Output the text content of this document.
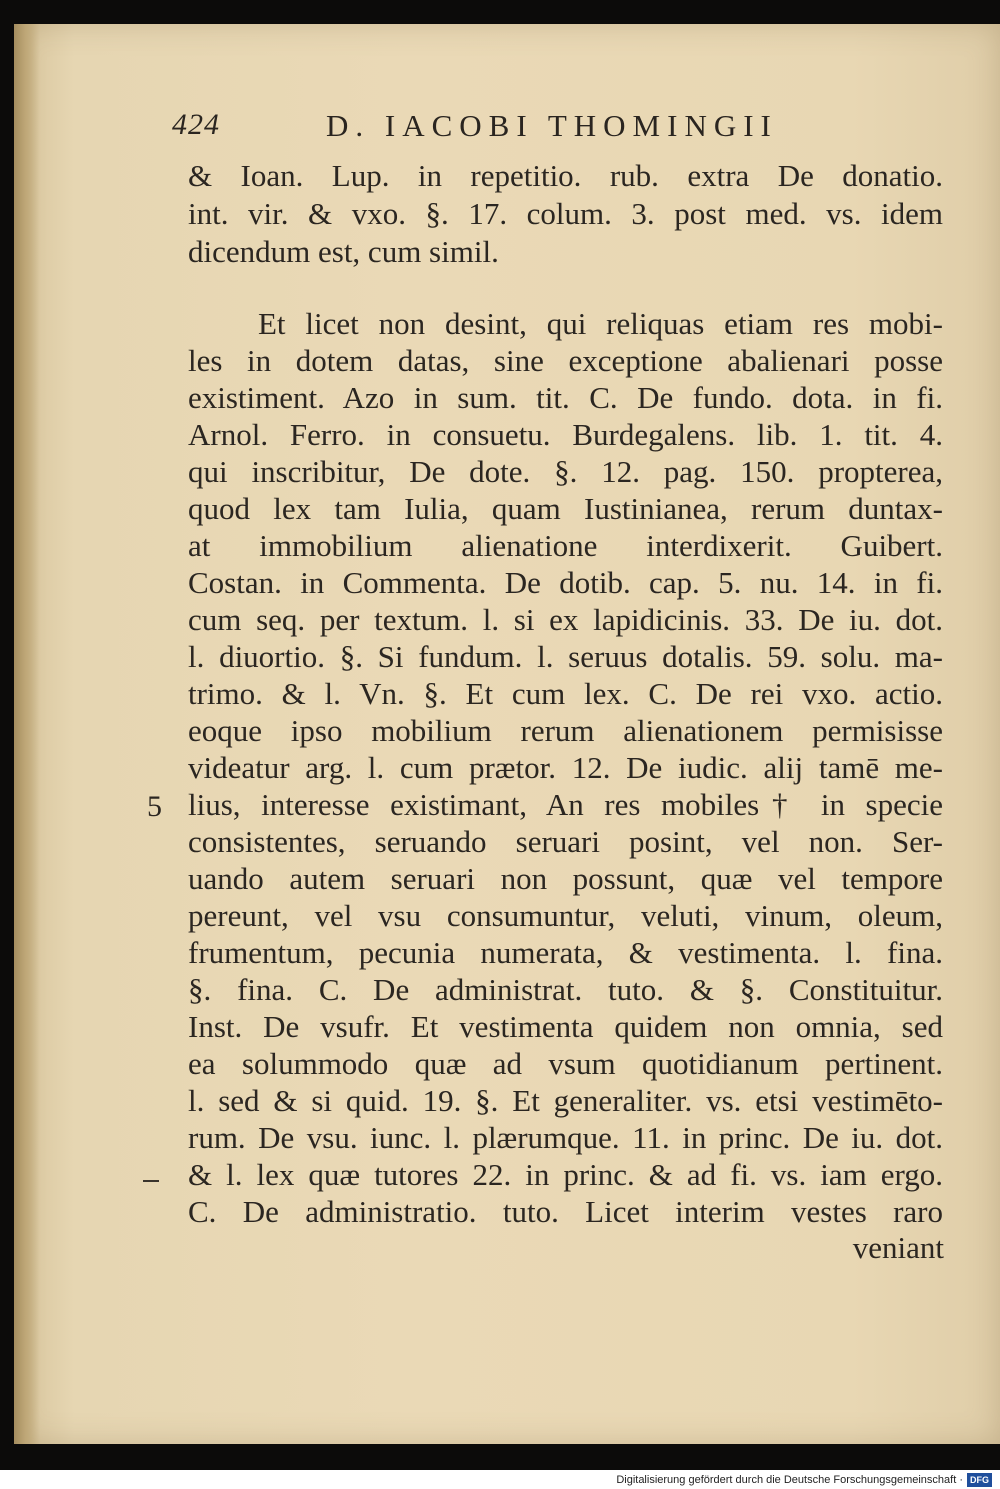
424	D. IACOBI THOMINGII
& Ioan. Lup. in repetitio. rub. extra De donatio.
int. vir. & vxo. §. 17. colum. 3. post med. vs. idem
dicendum est, cum simil.
Et licet non desint, qui reliquas etiam res mobi-
les in dotem datas, sine exceptione abalienari posse
existiment. Azo in sum. tit. C. De fundo. dota. in fi.
Arnol. Ferro. in consuetu. Burdegalens. lib. 1. tit. 4.
qui inscribitur, De dote. §. 12. pag. 150. propterea,
quod lex tam Iulia, quam Iustinianea, rerum duntax-
at immobilium alienatione interdixerit. Guibert.
Costan. in Commenta. De dotib. cap. 5. nu. 14. in fi.
cum seq. per textum. l. si ex lapidicinis. 33. De iu. dot.
l. diuortio. §. Si fundum. l. seruus dotalis. 59. solu. ma-
trimo. & l. Vn. §. Et cum lex. C. De rei vxo. actio.
eoque ipso mobilium rerum alienationem permisisse
videatur arg. l. cum prætor. 12. De iudic. alij tamē me-
lius, interesse existimant, An res mobiles† in specie
consistentes, seruando seruari posint, vel non. Ser-
uando autem seruari non possunt, quæ vel tempore
pereunt, vel vsu consumuntur, veluti, vinum, oleum,
frumentum, pecunia numerata, & vestimenta. l. fina.
§. fina. C. De administrat. tuto. & §. Constituitur.
Inst. De vsufr. Et vestimenta quidem non omnia, sed
ea solummodo quæ ad vsum quotidianum pertinent.
l. sed & si quid. 19. §. Et generaliter. vs. etsi vestimēto-
rum. De vsu. iunc. l. plærumque. 11. in princ. De iu. dot.
& l. lex quæ tutores 22. in princ. & ad fi. vs. iam ergo.
C. De administratio. tuto. Licet interim vestes raro
veniant
5
Digitalisierung gefördert durch die Deutsche Forschungsgemeinschaft · DFG
